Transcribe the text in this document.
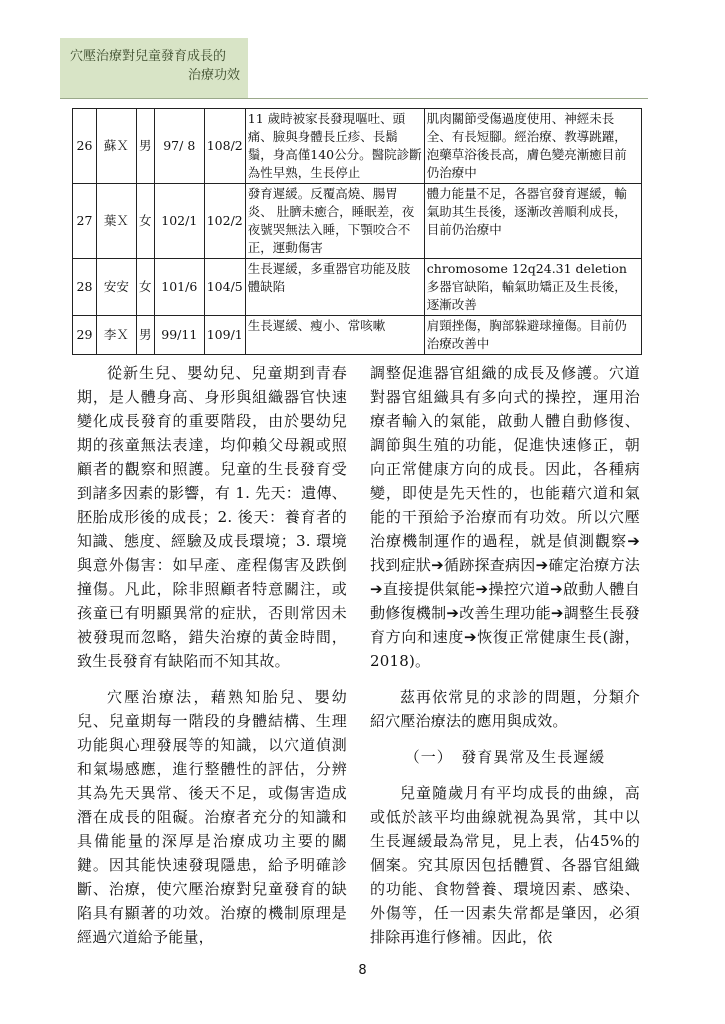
穴壓治療對兒童發育成長的
治療功效
26	蘇Ｘ	男	97/ 8	108/2	11 歲時被家長發現嘔吐、頭痛、臉與身體長丘疹、長鬍鬚，身高僅140公分。醫院診斷為性早熟，生長停止	肌肉關節受傷過度使用、神經未長全、有長短腳。經治療、教導跳躍，泡藥草浴後長高，膚色變亮漸癒目前仍治療中
27	葉Ｘ	女	102/1	102/2	發育遲緩。反覆高燒、腸胃炎、 肚臍未癒合，睡眠差，夜夜號哭無法入睡，下顎咬合不正，運動傷害	體力能量不足，各器官發育遲緩，輸氣助其生長後，逐漸改善順利成長，目前仍治療中
28	安安	女	101/6	104/5	生長遲緩，多重器官功能及肢體缺陷	chromosome 12q24.31 deletion 多器官缺陷，輸氣助矯正及生長後，逐漸改善
29	李Ｘ	男	99/11	109/1	生長遲緩、瘦小、常咳嗽	肩頸挫傷，胸部躲避球撞傷。目前仍治療改善中

從新生兒、嬰幼兒、兒童期到青春期，是人體身高、身形與組織器官快速變化成長發育的重要階段，由於嬰幼兒期的孩童無法表達，均仰賴父母親或照顧者的觀察和照護。兒童的生長發育受到諸多因素的影響，有 1. 先天：遺傳、胚胎成形後的成長；2. 後天：養育者的知識、態度、經驗及成長環境；3. 環境與意外傷害：如早產、產程傷害及跌倒撞傷。凡此，除非照顧者特意關注，或孩童已有明顯異常的症狀，否則常因未被發現而忽略，錯失治療的黃金時間，致生長發育有缺陷而不知其故。

穴壓治療法，藉熟知胎兒、嬰幼兒、兒童期每一階段的身體結構、生理功能與心理發展等的知識，以穴道偵測和氣場感應，進行整體性的評估，分辨其為先天異常、後天不足，或傷害造成潛在成長的阻礙。治療者充分的知識和具備能量的深厚是治療成功主要的關鍵。因其能快速發現隱患，給予明確診斷、治療，使穴壓治療對兒童發育的缺陷具有顯著的功效。治療的機制原理是經過穴道給予能量，

調整促進器官組織的成長及修護。穴道對器官組織具有多向式的操控，運用治療者輸入的氣能，啟動人體自動修復、調節與生殖的功能，促進快速修正，朝向正常健康方向的成長。因此，各種病變，即使是先天性的，也能藉穴道和氣能的干預給予治療而有功效。所以穴壓治療機制運作的過程，就是偵測觀察➔找到症狀➔循跡探查病因➔確定治療方法➔直接提供氣能➔操控穴道➔啟動人體自動修復機制➔改善生理功能➔調整生長發育方向和速度➔恢復正常健康生長(謝，2018)。

茲再依常見的求診的問題，分類介紹穴壓治療法的應用與成效。

（一）　發育異常及生長遲緩

兒童隨歲月有平均成長的曲線，高或低於該平均曲線就視為異常，其中以生長遲緩最為常見，見上表，佔45%的個案。究其原因包括體質、各器官組織的功能、食物營養、環境因素、感染、外傷等，任一因素失常都是肇因，必須排除再進行修補。因此，依

8
